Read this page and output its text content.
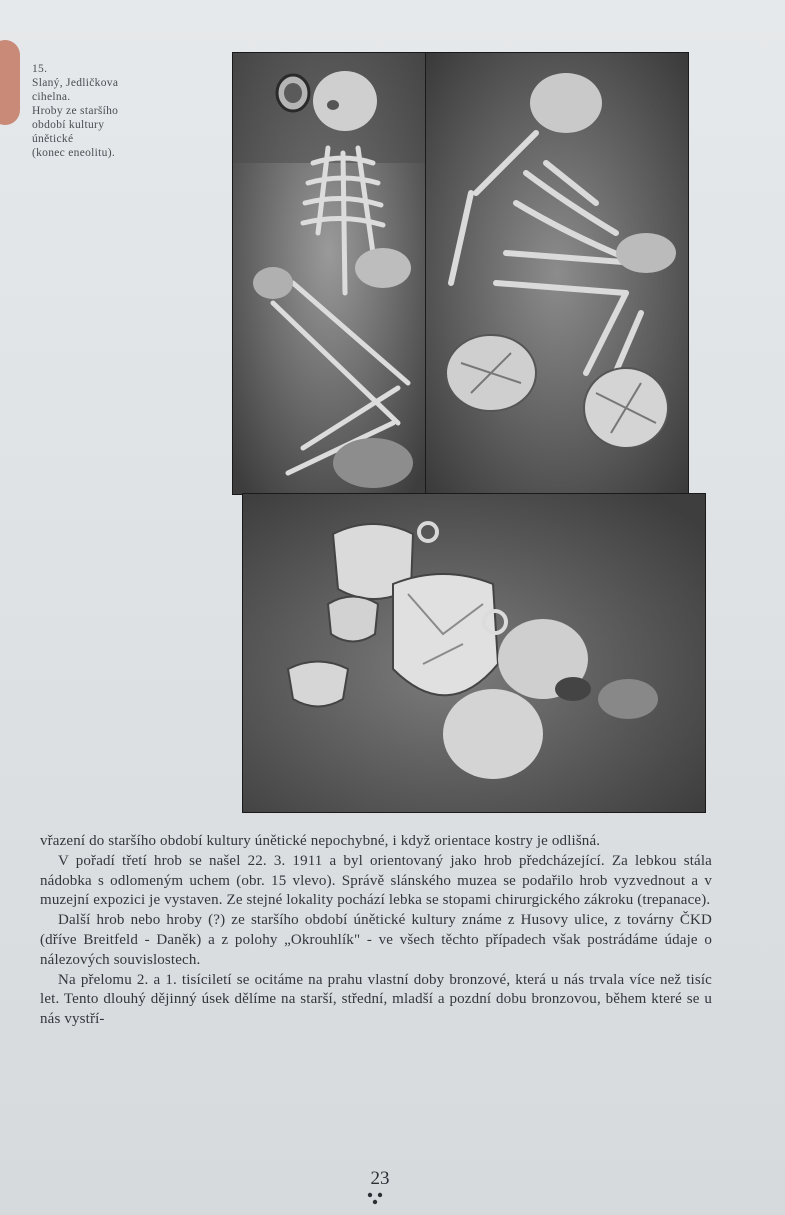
15.
Slaný, Jedličkova
cihelna.
Hroby ze staršího
období kultury
únětické
(konec eneolitu).

vřazení do staršího období kultury únětické nepochybné, i když orientace kostry je odlišná.

V pořadí třetí hrob se našel 22. 3. 1911 a byl orientovaný jako hrob předcházející. Za lebkou stála nádobka s odlomeným uchem (obr. 15 vlevo). Správě slánského muzea se podařilo hrob vyzvednout a v muzejní expozici je vystaven. Ze stejné lokality pochází lebka se stopami chirurgického zákroku (trepanace).

Další hrob nebo hroby (?) ze staršího období únětické kultury známe z Husovy ulice, z továrny ČKD (dříve Breitfeld - Daněk) a z polohy „Okrouhlík" - ve všech těchto případech však postrádáme údaje o nálezových souvislostech.

Na přelomu 2. a 1. tisíciletí se ocitáme na prahu vlastní doby bronzové, která u nás trvala více než tisíc let. Tento dlouhý dějinný úsek dělíme na starší, střední, mladší a pozdní dobu bronzovou, během které se u nás vystří-

23
